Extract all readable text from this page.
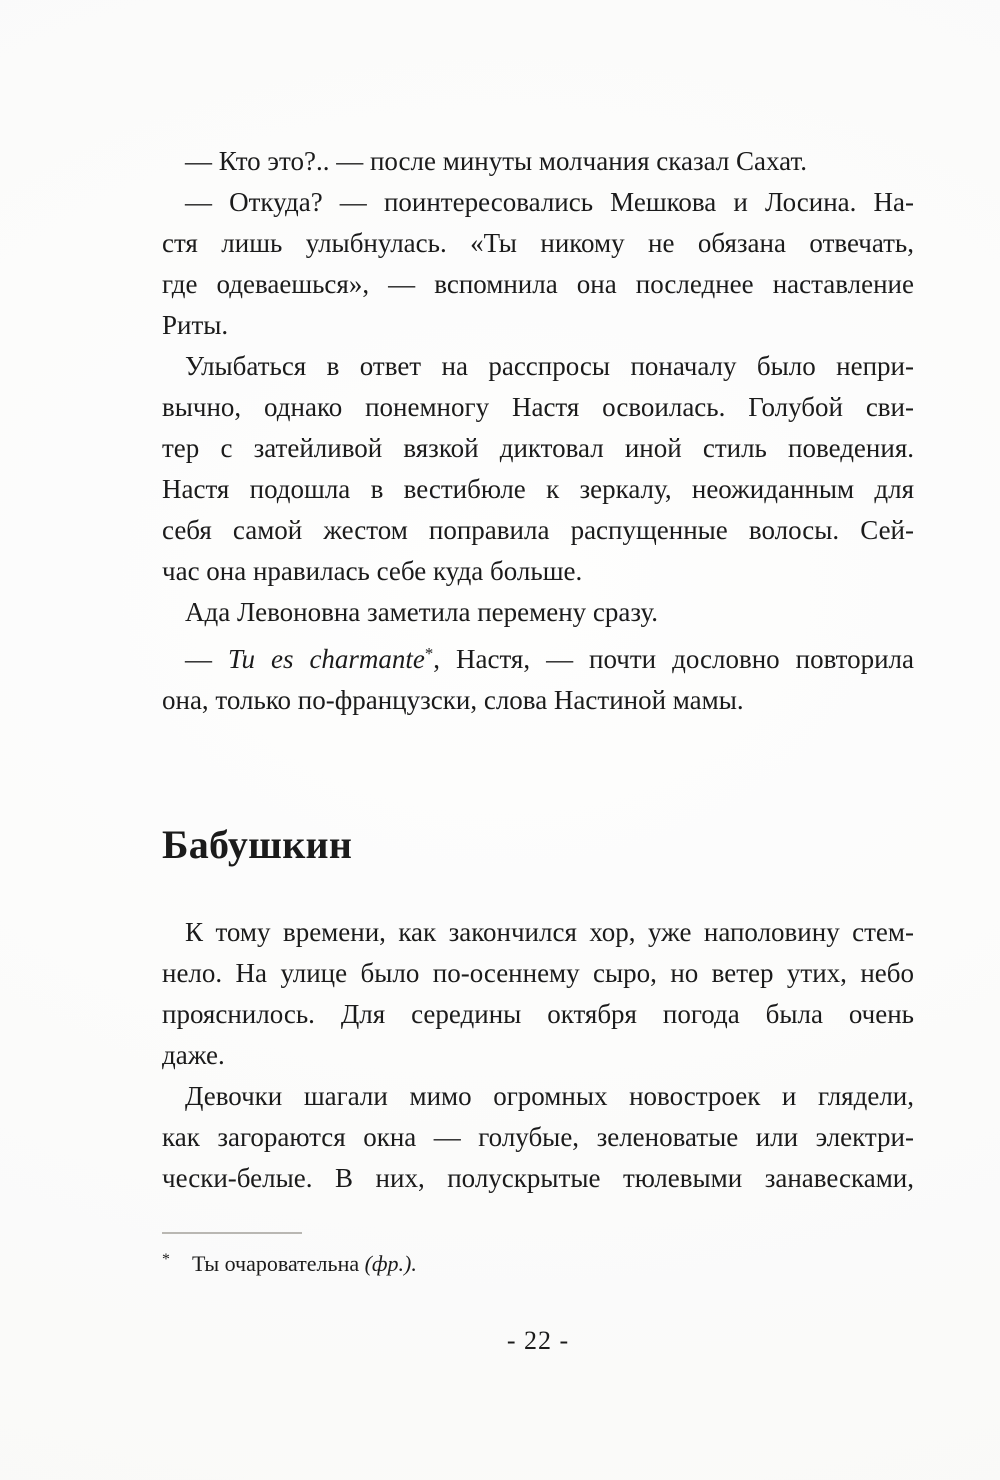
— Кто это?.. — после минуты молчания сказал Сахат.
— Откуда? — поинтересовались Мешкова и Лосина. На-
стя лишь улыбнулась. «Ты никому не обязана отвечать,
где одеваешься», — вспомнила она последнее наставление
Риты.
Улыбаться в ответ на расспросы поначалу было непри-
вычно, однако понемногу Настя освоилась. Голубой сви-
тер с затейливой вязкой диктовал иной стиль поведения.
Настя подошла в вестибюле к зеркалу, неожиданным для
себя самой жестом поправила распущенные волосы. Сей-
час она нравилась себе куда больше.
Ада Левоновна заметила перемену сразу.
— Tu es charmante*, Настя, — почти дословно повторила
она, только по-французски, слова Настиной мамы.
Бабушкин
К тому времени, как закончился хор, уже наполовину стем-
нело. На улице было по-осеннему сыро, но ветер утих, небо
прояснилось. Для середины октября погода была очень
даже.
Девочки шагали мимо огромных новостроек и глядели,
как загораются окна — голубые, зеленоватые или электри-
чески-белые. В них, полускрытые тюлевыми занавесками,
* Ты очаровательна (фр.).
- 22 -
